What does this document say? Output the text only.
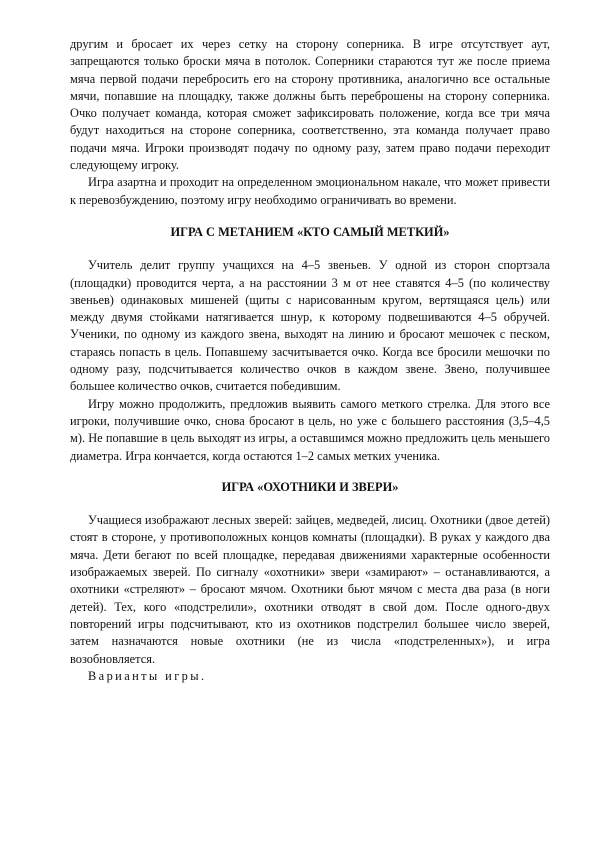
другим и бросает их через сетку на сторону соперника. В игре отсутствует аут, запрещаются только броски мяча в потолок. Соперники стараются тут же после приема мяча первой подачи перебросить его на сторону противника, аналогично все остальные мячи, попавшие на площадку, также должны быть переброшены на сторону соперника. Очко получает команда, которая сможет зафиксировать положение, когда все три мяча будут находиться на стороне соперника, соответственно, эта команда получает право подачи мяча. Игроки производят подачу по одному разу, затем право подачи переходит следующему игроку.

Игра азартна и проходит на определенном эмоциональном накале, что может привести к перевозбуждению, поэтому игру необходимо ограничивать во времени.

ИГРА С МЕТАНИЕМ «КТО САМЫЙ МЕТКИЙ»

Учитель делит группу учащихся на 4–5 звеньев. У одной из сторон спортзала (площадки) проводится черта, а на расстоянии 3 м от нее ставятся 4–5 (по количеству звеньев) одинаковых мишеней (щиты с нарисованным кругом, вертящаяся цель) или между двумя стойками натягивается шнур, к которому подвешиваются 4–5 обручей. Ученики, по одному из каждого звена, выходят на линию и бросают мешочек с песком, стараясь попасть в цель. Попавшему засчитывается очко. Когда все бросили мешочки по одному разу, подсчитывается количество очков в каждом звене. Звено, получившее большее количество очков, считается победившим.

Игру можно продолжить, предложив выявить самого меткого стрелка. Для этого все игроки, получившие очко, снова бросают в цель, но уже с большего расстояния (3,5–4,5 м). Не попавшие в цель выходят из игры, а оставшимся можно предложить цель меньшего диаметра. Игра кончается, когда остаются 1–2 самых метких ученика.

ИГРА «ОХОТНИКИ И ЗВЕРИ»

Учащиеся изображают лесных зверей: зайцев, медведей, лисиц. Охотники (двое детей) стоят в стороне, у противоположных концов комнаты (площадки). В руках у каждого два мяча. Дети бегают по всей площадке, передавая движениями характерные особенности изображаемых зверей. По сигналу «охотники» звери «замирают» – останавливаются, а охотники «стреляют» – бросают мячом. Охотники бьют мячом с места два раза (в ноги детей). Тех, кого «подстрелили», охотники отводят в свой дом. После одного-двух повторений игры подсчитывают, кто из охотников подстрелил большее число зверей, затем назначаются новые охотники (не из числа «подстреленных»), и игра возобновляется.

Варианты игры.
